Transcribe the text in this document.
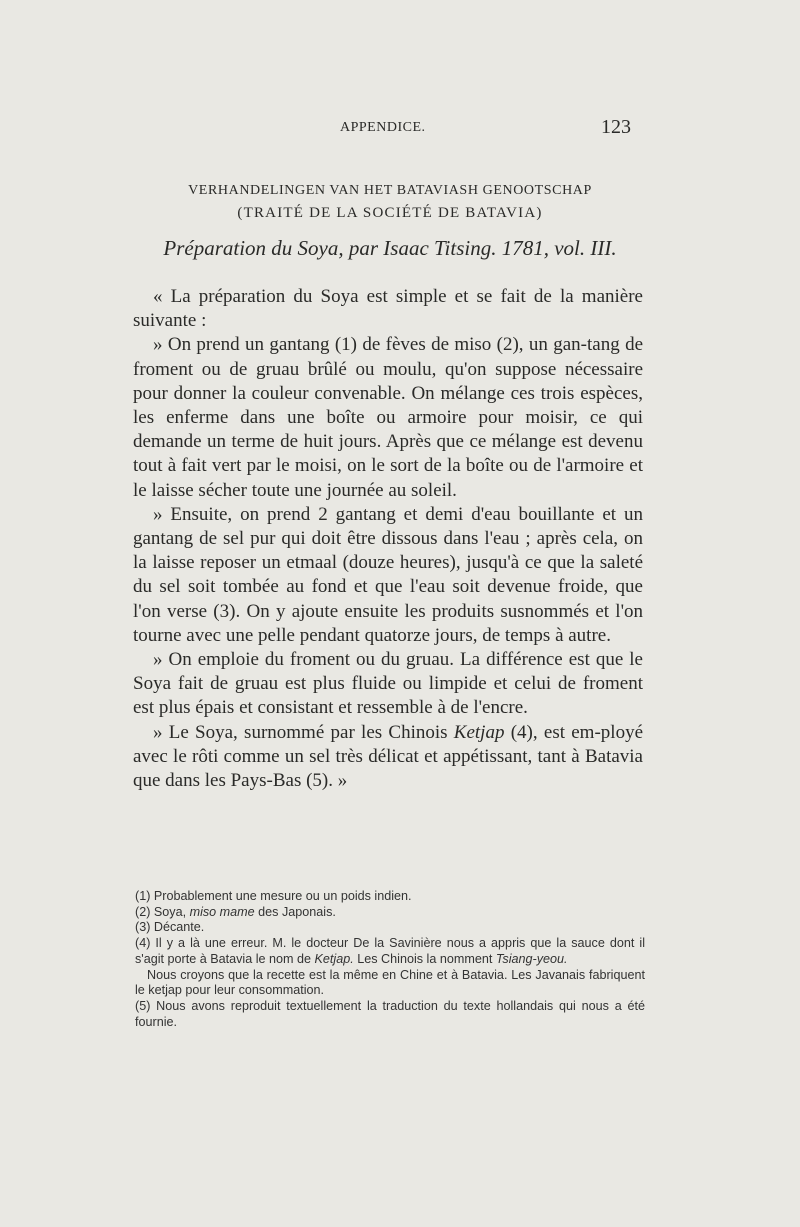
APPENDICE.	123
VERHANDELINGEN VAN HET BATAVIASH GENOOTSCHAP
(TRAITÉ DE LA SOCIÉTÉ DE BATAVIA)
Préparation du Soya, par Isaac Titsing. 1781, vol. III.

« La préparation du Soya est simple et se fait de la manière suivante :

» On prend un gantang (1) de fèves de miso (2), un gan-tang de froment ou de gruau brûlé ou moulu, qu'on suppose nécessaire pour donner la couleur convenable. On mélange ces trois espèces, les enferme dans une boîte ou armoire pour moisir, ce qui demande un terme de huit jours. Après que ce mélange est devenu tout à fait vert par le moisi, on le sort de la boîte ou de l'armoire et le laisse sécher toute une journée au soleil.

» Ensuite, on prend 2 gantang et demi d'eau bouillante et un gantang de sel pur qui doit être dissous dans l'eau ; après cela, on la laisse reposer un etmaal (douze heures), jusqu'à ce que la saleté du sel soit tombée au fond et que l'eau soit devenue froide, que l'on verse (3). On y ajoute ensuite les produits susnommés et l'on tourne avec une pelle pendant quatorze jours, de temps à autre.

» On emploie du froment ou du gruau. La différence est que le Soya fait de gruau est plus fluide ou limpide et celui de froment est plus épais et consistant et ressemble à de l'encre.

» Le Soya, surnommé par les Chinois Ketjap (4), est em-ployé avec le rôti comme un sel très délicat et appétissant, tant à Batavia que dans les Pays-Bas (5). »

(1) Probablement une mesure ou un poids indien.

(2) Soya, miso mame des Japonais.

(3) Décante.

(4) Il y a là une erreur. M. le docteur De la Savinière nous a appris que la sauce dont il s'agit porte à Batavia le nom de Ketjap. Les Chinois la nomment Tsiang-yeou.

Nous croyons que la recette est la même en Chine et à Batavia. Les Javanais fabriquent le ketjap pour leur consommation.

(5) Nous avons reproduit textuellement la traduction du texte hollandais qui nous a été fournie.
